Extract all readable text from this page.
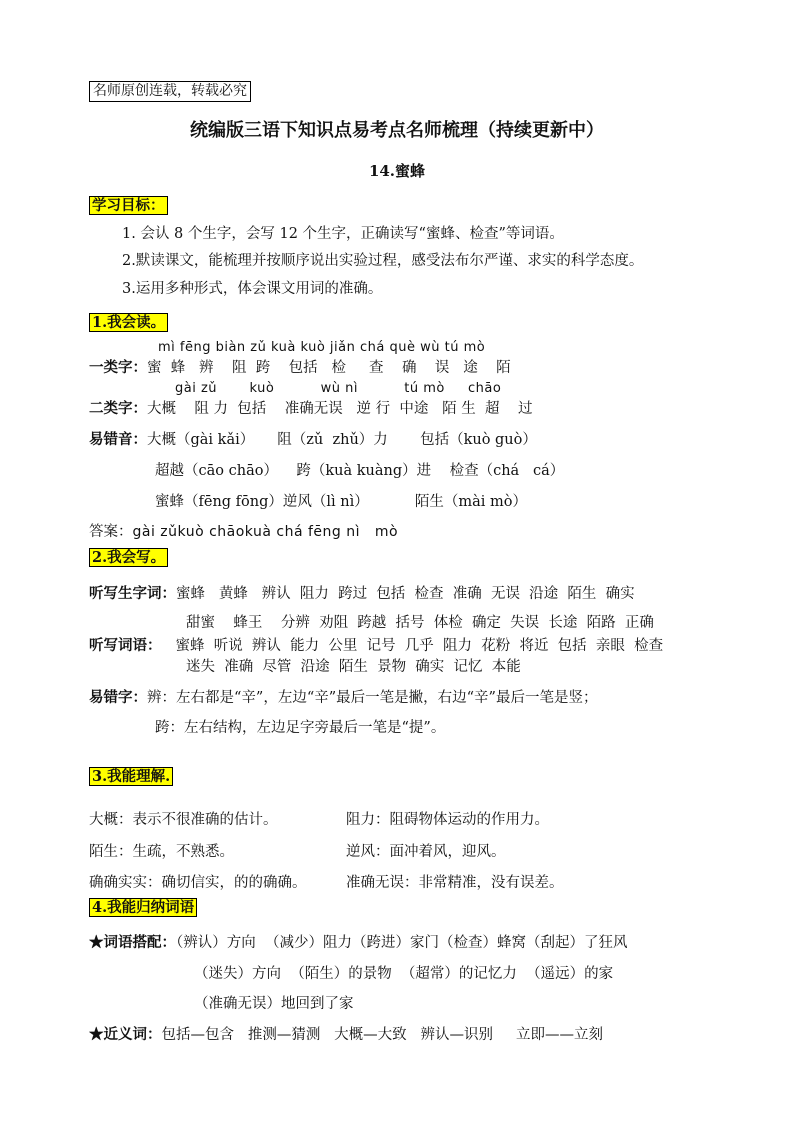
名师原创连载，转载必究
统编版三语下知识点易考点名师梳理（持续更新中）
14.蜜蜂
学习目标：
1. 会认 8 个生字，会写 12 个生字，正确读写“蜜蜂、检查”等词语。
2.默读课文，能梳理并按顺序说出实验过程，感受法布尔严谨、求实的科学态度。
3.运用多种形式，体会课文用词的准确。
1.我会读。
mì fēng biàn zǔ kuà kuò jiǎn chá què wù tú mò
一类字：蜜  蜂   辨    阻  跨    包括   检     查    确    误   途    陌
gài zǔ       kuò          wù nì          tú mò     chāo
二类字：大概    阻 力  包括    准确无误   逆 行  中途   陌 生  超    过
易错音：大概（gài kǎi）     阻（zǔ  zhǔ）力       包括（kuò guò）
超越（cāo chāo）    跨（kuà kuàng）进    检查（chá   cá）
蜜蜂（fēng fōng）逆风（lì nì）          陌生（mài mò）
答案：gài zǔkuò chāokuà chá fēng nì   mò
2.我会写。
听写生字词：蜜蜂   黄蜂   辨认  阻力  跨过  包括  检查  准确  无误  沿途  陌生  确实
甜蜜    蜂王    分辨  劝阻  跨越  括号  体检  确定  失误  长途  陌路  正确
听写词语： 蜜蜂  听说  辨认  能力  公里  记号  几乎  阻力  花粉  将近  包括  亲眼  检查
迷失  准确  尽管  沿途  陌生  景物  确实  记忆  本能
易错字：辨：左右都是“辛”，左边“辛”最后一笔是撇，右边“辛”最后一笔是竖；
跨：左右结构，左边足字旁最后一笔是“提”。
3.我能理解.
大概：表示不很准确的估计。	阻力：阻碍物体运动的作用力。
陌生：生疏，不熟悉。	逆风：面冲着风，迎风。
确确实实：确切信实，的的确确。	准确无误：非常精准，没有误差。
4.我能归纳词语
★词语搭配：（辨认）方向  （减少）阻力（跨进）家门（检查）蜂窝（刮起）了狂风
（迷失）方向  （陌生）的景物  （超常）的记忆力  （遥远）的家
（准确无误）地回到了家
★近义词：包括—包含   推测—猜测   大概—大致   辨认—识别     立即——立刻
